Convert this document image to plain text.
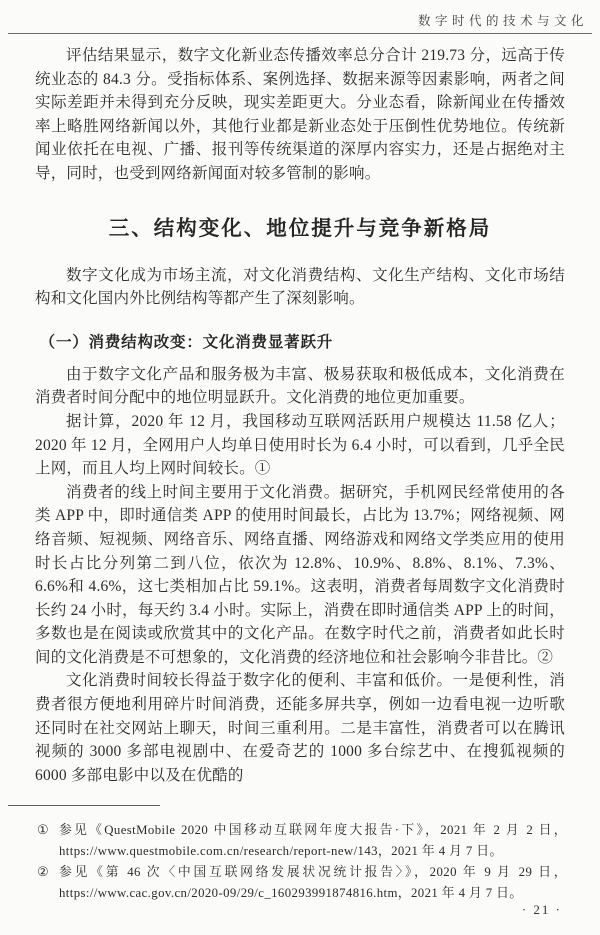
数字时代的技术与文化

评估结果显示，数字文化新业态传播效率总分合计 219.73 分，远高于传统业态的 84.3 分。受指标体系、案例选择、数据来源等因素影响，两者之间实际差距并未得到充分反映，现实差距更大。分业态看，除新闻业在传播效率上略胜网络新闻以外，其他行业都是新业态处于压倒性优势地位。传统新闻业依托在电视、广播、报刊等传统渠道的深厚内容实力，还是占据绝对主导，同时，也受到网络新闻面对较多管制的影响。

三、结构变化、地位提升与竞争新格局

数字文化成为市场主流，对文化消费结构、文化生产结构、文化市场结构和文化国内外比例结构等都产生了深刻影响。

（一）消费结构改变：文化消费显著跃升

由于数字文化产品和服务极为丰富、极易获取和极低成本，文化消费在消费者时间分配中的地位明显跃升。文化消费的地位更加重要。

据计算，2020 年 12 月，我国移动互联网活跃用户规模达 11.58 亿人；2020 年 12 月，全网用户人均单日使用时长为 6.4 小时，可以看到，几乎全民上网，而且人均上网时间较长。①

消费者的线上时间主要用于文化消费。据研究，手机网民经常使用的各类 APP 中，即时通信类 APP 的使用时间最长，占比为 13.7%；网络视频、网络音频、短视频、网络音乐、网络直播、网络游戏和网络文学类应用的使用时长占比分列第二到八位，依次为 12.8%、10.9%、8.8%、8.1%、7.3%、6.6%和 4.6%，这七类相加占比 59.1%。这表明，消费者每周数字文化消费时长约 24 小时，每天约 3.4 小时。实际上，消费在即时通信类 APP 上的时间，多数也是在阅读或欣赏其中的文化产品。在数字时代之前，消费者如此长时间的文化消费是不可想象的，文化消费的经济地位和社会影响今非昔比。②

文化消费时间较长得益于数字化的便利、丰富和低价。一是便利性，消费者很方便地利用碎片时间消费，还能多屏共享，例如一边看电视一边听歌还同时在社交网站上聊天，时间三重利用。二是丰富性，消费者可以在腾讯视频的 3000 多部电视剧中、在爱奇艺的 1000 多台综艺中、在搜狐视频的 6000 多部电影中以及在优酷的

① 参见《QuestMobile 2020 中国移动互联网年度大报告·下》，2021 年 2 月 2 日，https://www.questmobile.com.cn/research/report-new/143，2021 年 4 月 7 日。

② 参见《第 46 次〈中国互联网络发展状况统计报告〉》，2020 年 9 月 29 日，https://www.cac.gov.cn/2020-09/29/c_160293991874816.htm，2021 年 4 月 7 日。

· 21 ·
